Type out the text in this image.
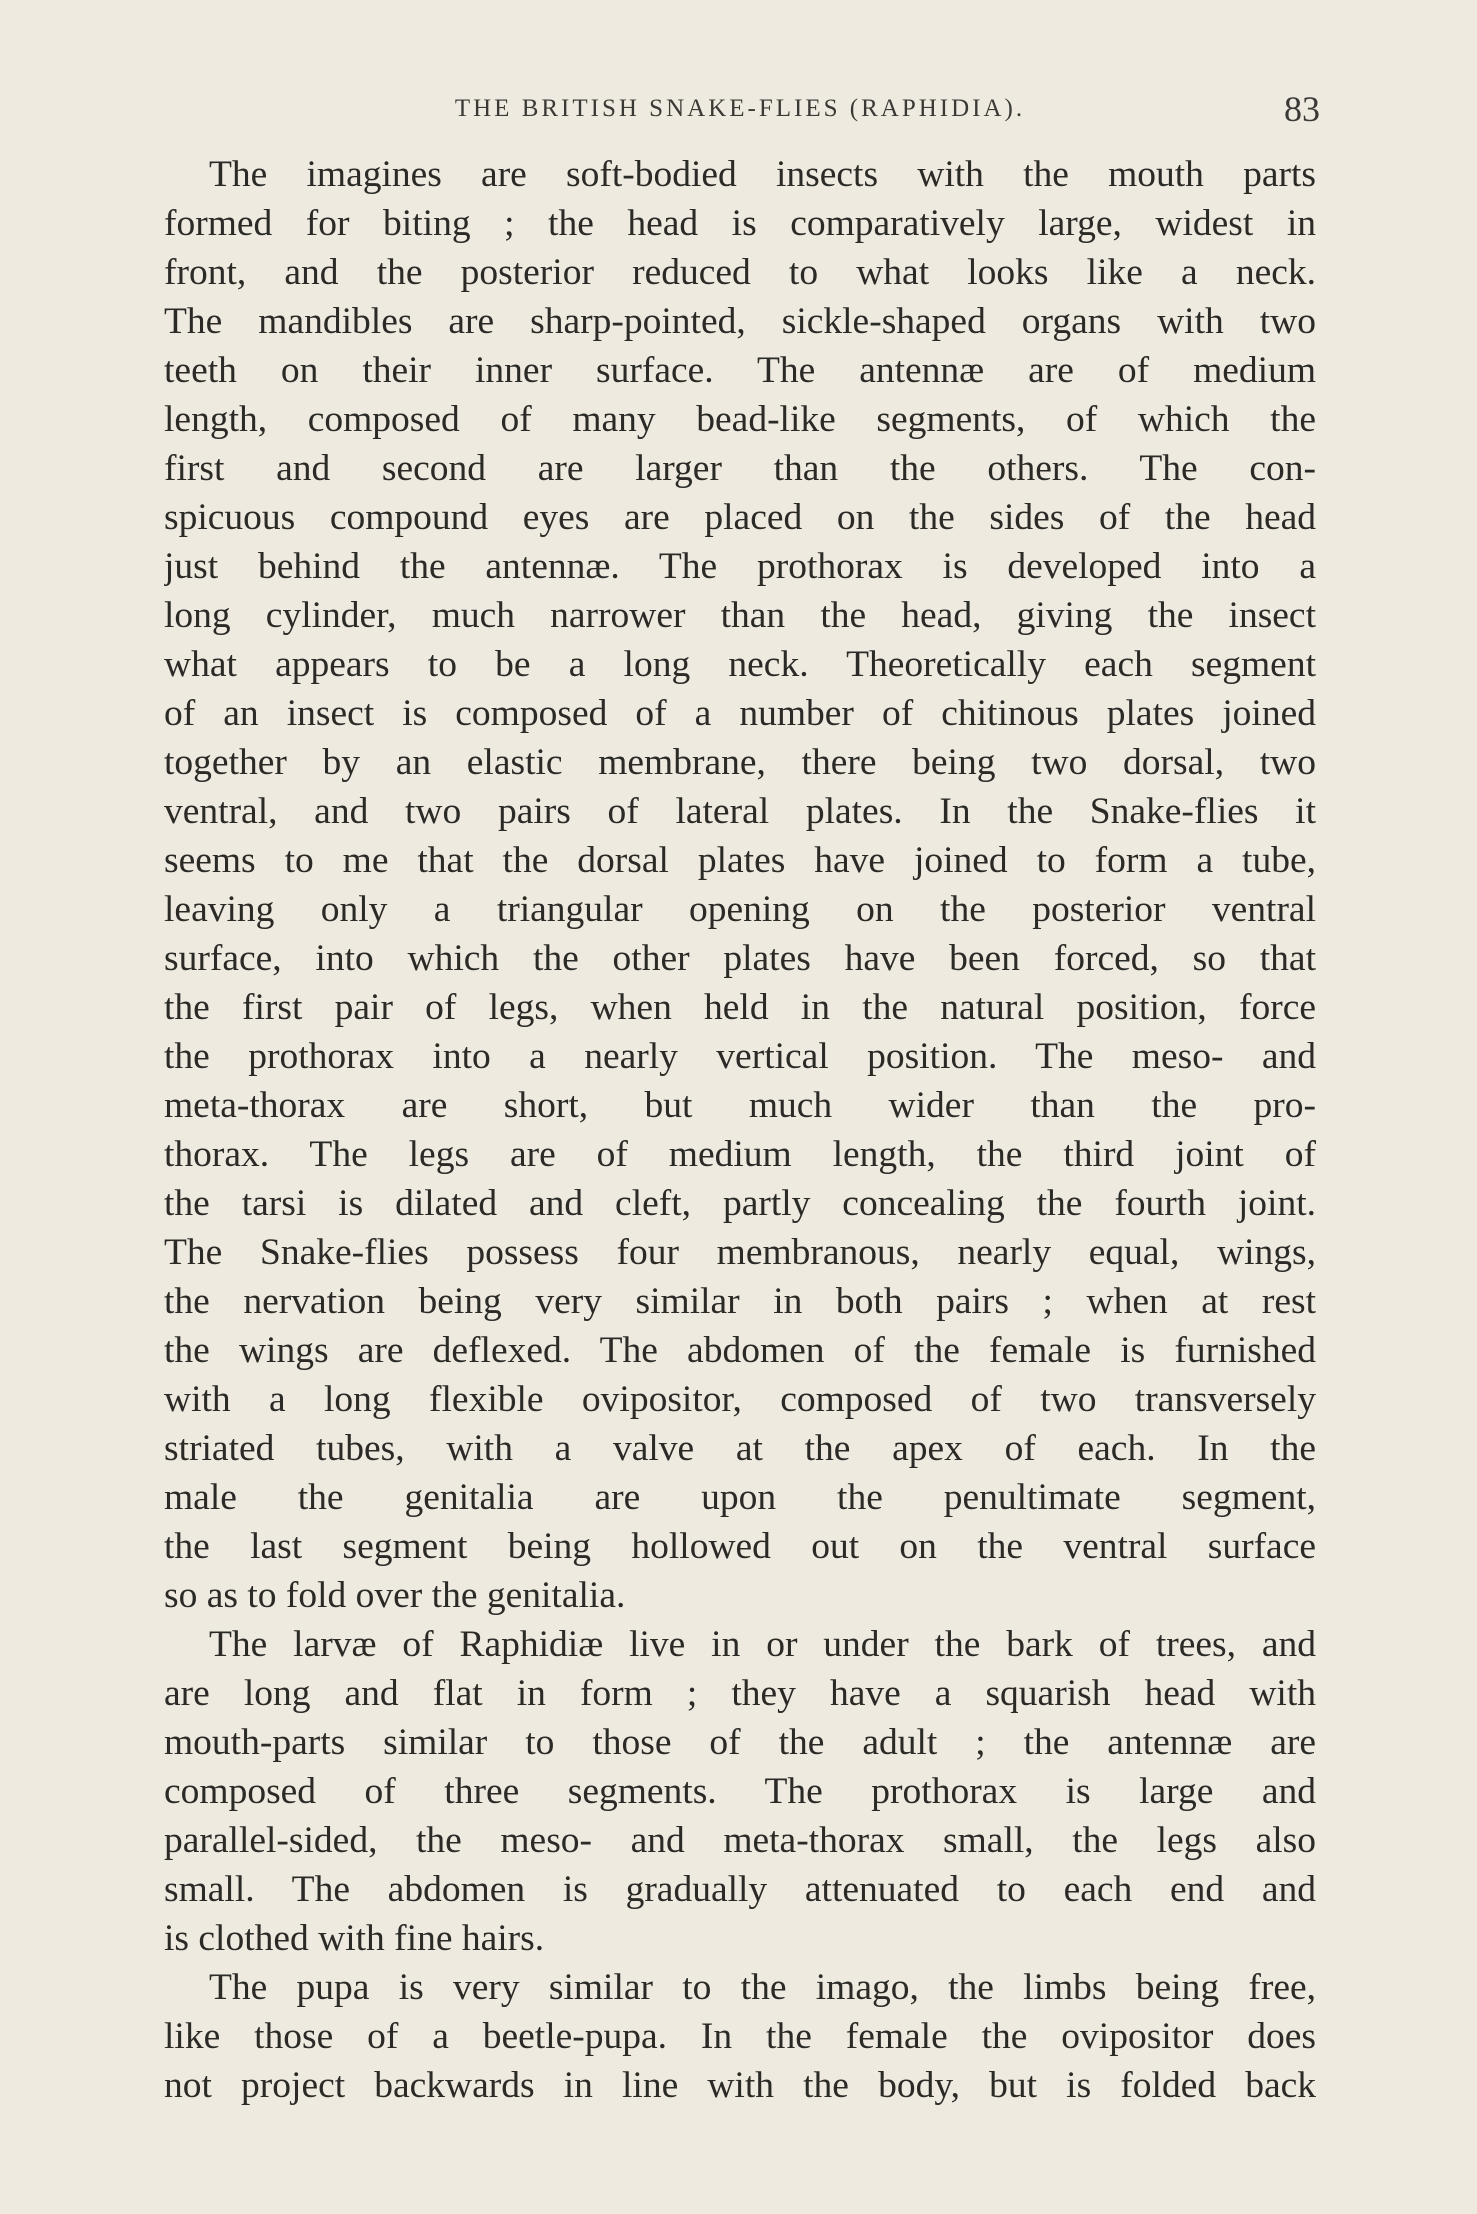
THE BRITISH SNAKE-FLIES (RAPHIDIA).	83
The imagines are soft-bodied insects with the mouth parts
formed for biting ; the head is comparatively large, widest in
front, and the posterior reduced to what looks like a neck.
The mandibles are sharp-pointed, sickle-shaped organs with two
teeth on their inner surface. The antennæ are of medium
length, composed of many bead-like segments, of which the
first and second are larger than the others. The con-
spicuous compound eyes are placed on the sides of the head
just behind the antennæ. The prothorax is developed into a
long cylinder, much narrower than the head, giving the insect
what appears to be a long neck. Theoretically each segment
of an insect is composed of a number of chitinous plates joined
together by an elastic membrane, there being two dorsal, two
ventral, and two pairs of lateral plates. In the Snake-flies it
seems to me that the dorsal plates have joined to form a tube,
leaving only a triangular opening on the posterior ventral
surface, into which the other plates have been forced, so that
the first pair of legs, when held in the natural position, force
the prothorax into a nearly vertical position. The meso- and
meta-thorax are short, but much wider than the pro-
thorax. The legs are of medium length, the third joint of
the tarsi is dilated and cleft, partly concealing the fourth joint.
The Snake-flies possess four membranous, nearly equal, wings,
the nervation being very similar in both pairs ; when at rest
the wings are deflexed. The abdomen of the female is furnished
with a long flexible ovipositor, composed of two transversely
striated tubes, with a valve at the apex of each. In the
male the genitalia are upon the penultimate segment,
the last segment being hollowed out on the ventral surface
so as to fold over the genitalia.
The larvæ of Raphidiæ live in or under the bark of trees, and
are long and flat in form ; they have a squarish head with
mouth-parts similar to those of the adult ; the antennæ are
composed of three segments. The prothorax is large and
parallel-sided, the meso- and meta-thorax small, the legs also
small. The abdomen is gradually attenuated to each end and
is clothed with fine hairs.
The pupa is very similar to the imago, the limbs being free,
like those of a beetle-pupa. In the female the ovipositor does
not project backwards in line with the body, but is folded back
